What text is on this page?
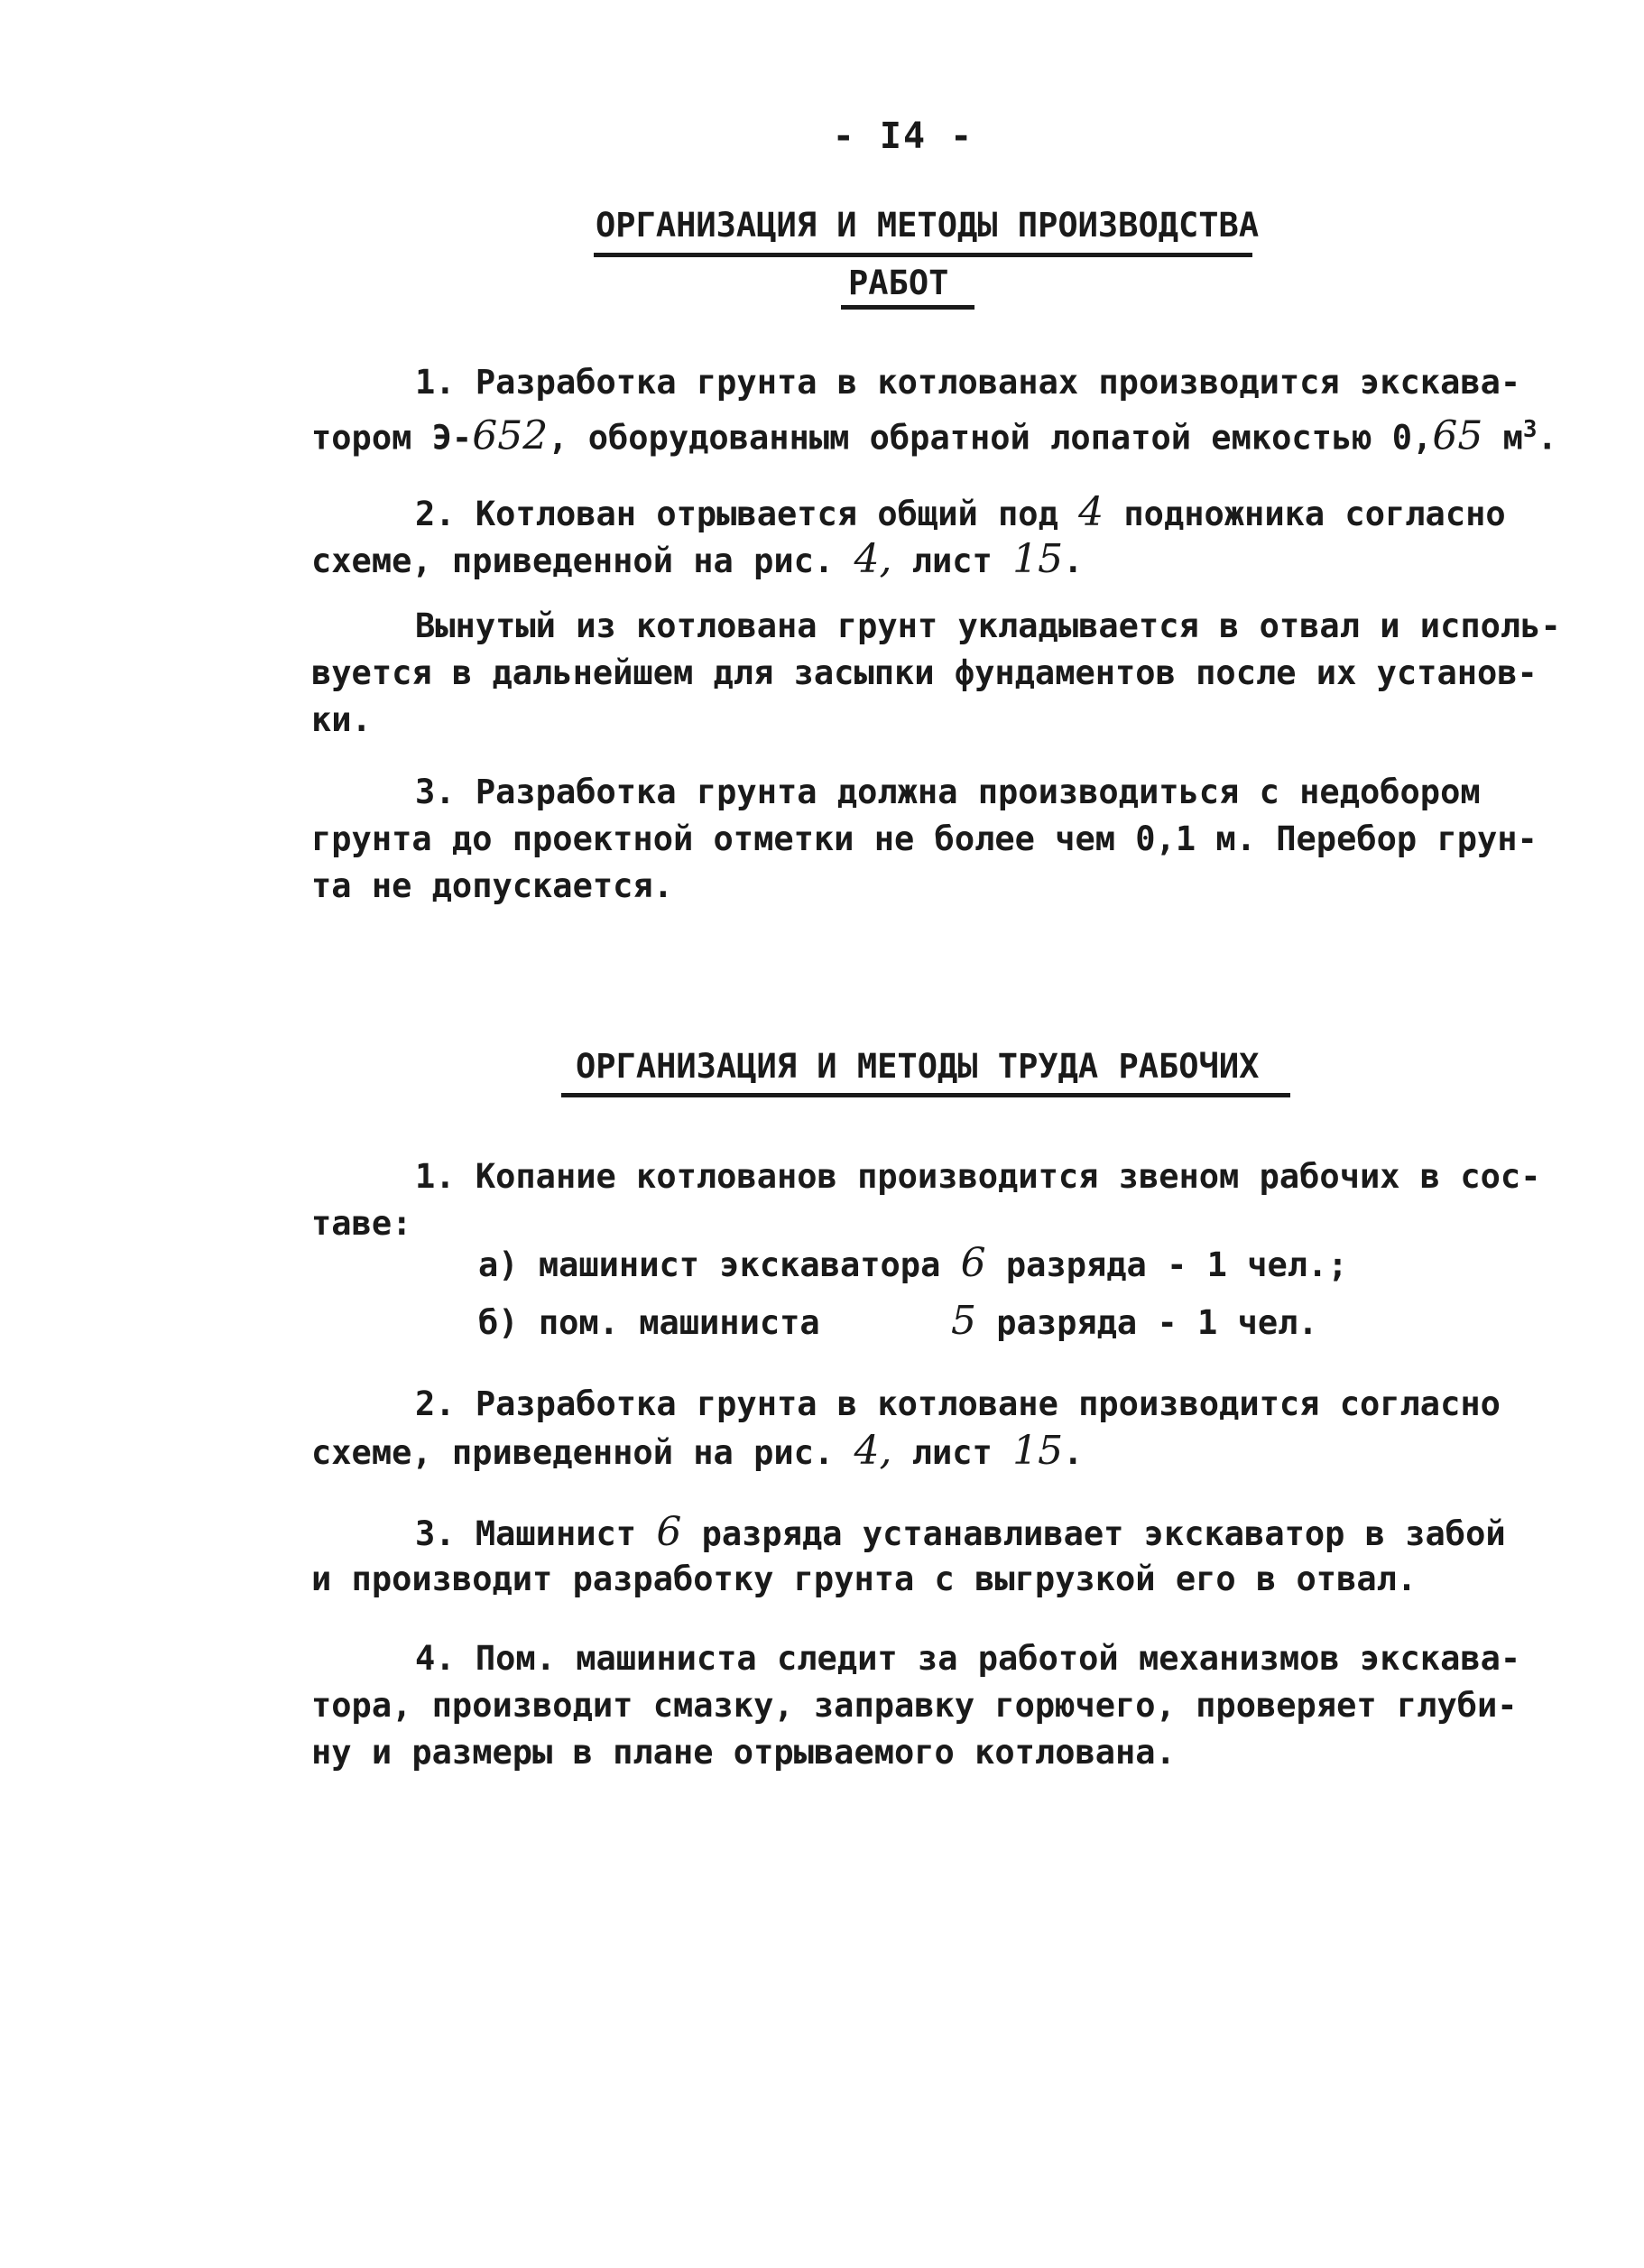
- I4 -
ОРГАНИЗАЦИЯ И МЕТОДЫ ПРОИЗВОДСТВА
РАБОТ
1. Разработка грунта в котлованах производится экскава-
тором Э-652, оборудованным обратной лопатой емкостью 0,65 $м^3$.
2. Котлован отрывается общий под 4 подножника согласно
схеме, приведенной на рис. 4, лист 15.
Вынутый из котлована грунт укладывается в отвал и исполь-
вуется в дальнейшем для засыпки фундаментов после их установ-
ки.
3. Разработка грунта должна производиться с недобором
грунта до проектной отметки не более чем 0,1 м. Перебор грун-
та не допускается.
ОРГАНИЗАЦИЯ И МЕТОДЫ ТРУДА РАБОЧИХ
1. Копание котлованов производится звеном рабочих в сос-
таве:
а) машинист экскаватора 6 разряда - 1 чел.;
б) пом. машиниста	5 разряда - 1 чел.
2. Разработка грунта в котловане производится согласно
схеме, приведенной на рис. 4, лист 15.
3. Машинист 6 разряда устанавливает экскаватор в забой
и производит разработку грунта с выгрузкой его в отвал.
4. Пом. машиниста следит за работой механизмов экскава-
тора, производит смазку, заправку горючего, проверяет глуби-
ну и размеры в плане отрываемого котлована.
